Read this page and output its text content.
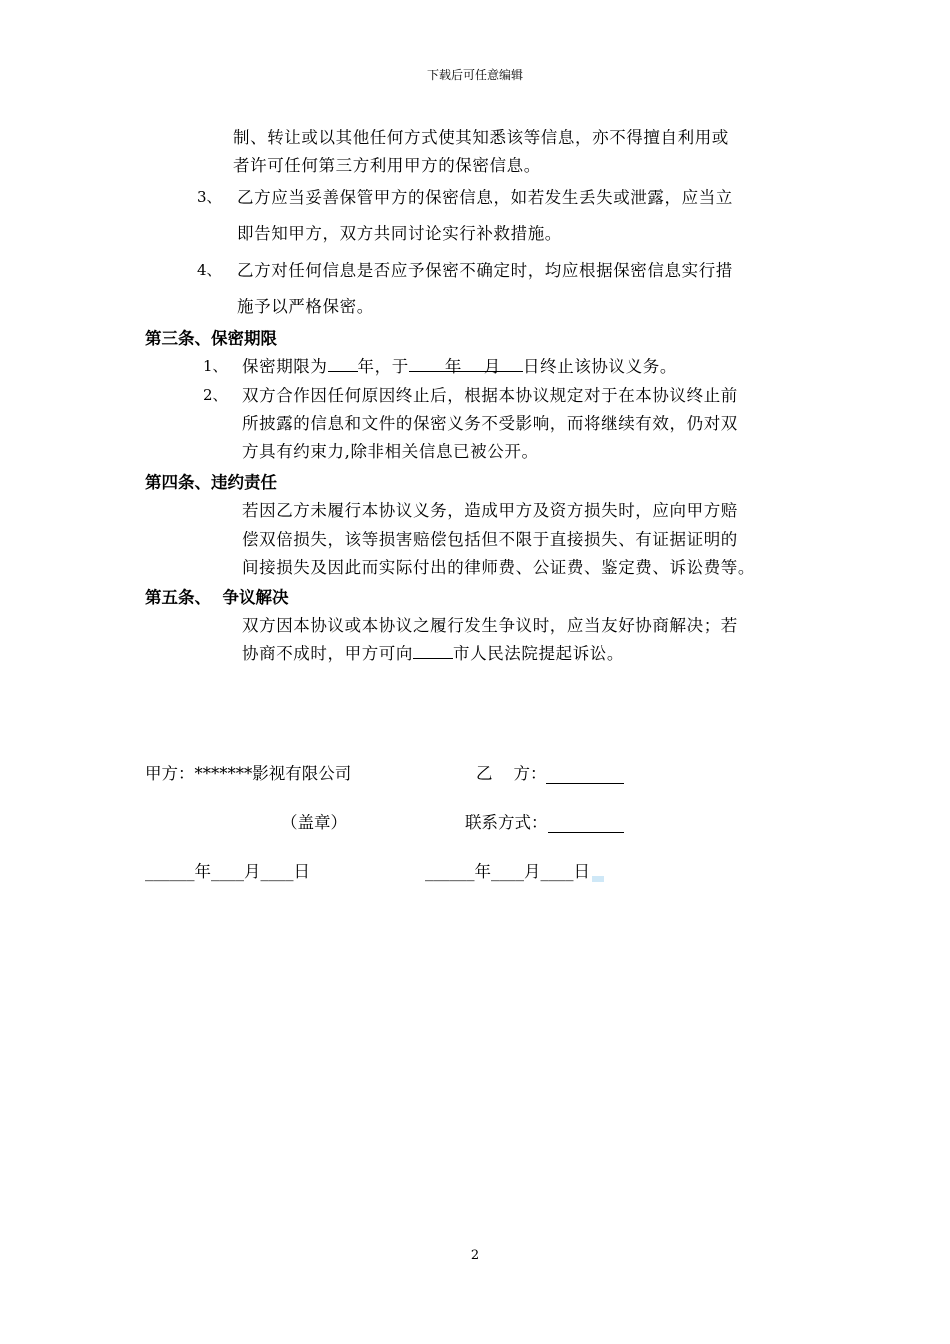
下载后可任意编辑
制、转让或以其他任何方式使其知悉该等信息，亦不得擅自利用或
者许可任何第三方利用甲方的保密信息。
3、 乙方应当妥善保管甲方的保密信息，如若发生丢失或泄露，应当立
即告知甲方，双方共同讨论实行补救措施。
4、 乙方对任何信息是否应予保密不确定时，均应根据保密信息实行措
施予以严格保密。
第三条、保密期限
1、 保密期限为 年，于 年 月 日终止该协议义务。
2、 双方合作因任何原因终止后，根据本协议规定对于在本协议终止前
所披露的信息和文件的保密义务不受影响，而将继续有效，仍对双
方具有约束力,除非相关信息已被公开。
第四条、违约责任
若因乙方未履行本协议义务，造成甲方及资方损失时，应向甲方赔
偿双倍损失，该等损害赔偿包括但不限于直接损失、有证据证明的
间接损失及因此而实际付出的律师费、公证费、鉴定费、诉讼费等。
第五条、  争议解决
双方因本协议或本协议之履行发生争议时，应当友好协商解决；若
协商不成时，甲方可向 市人民法院提起诉讼。
甲方：*******影视有限公司	乙    方：
（盖章）	联系方式：
______年____月____日	______年____月____日
2
